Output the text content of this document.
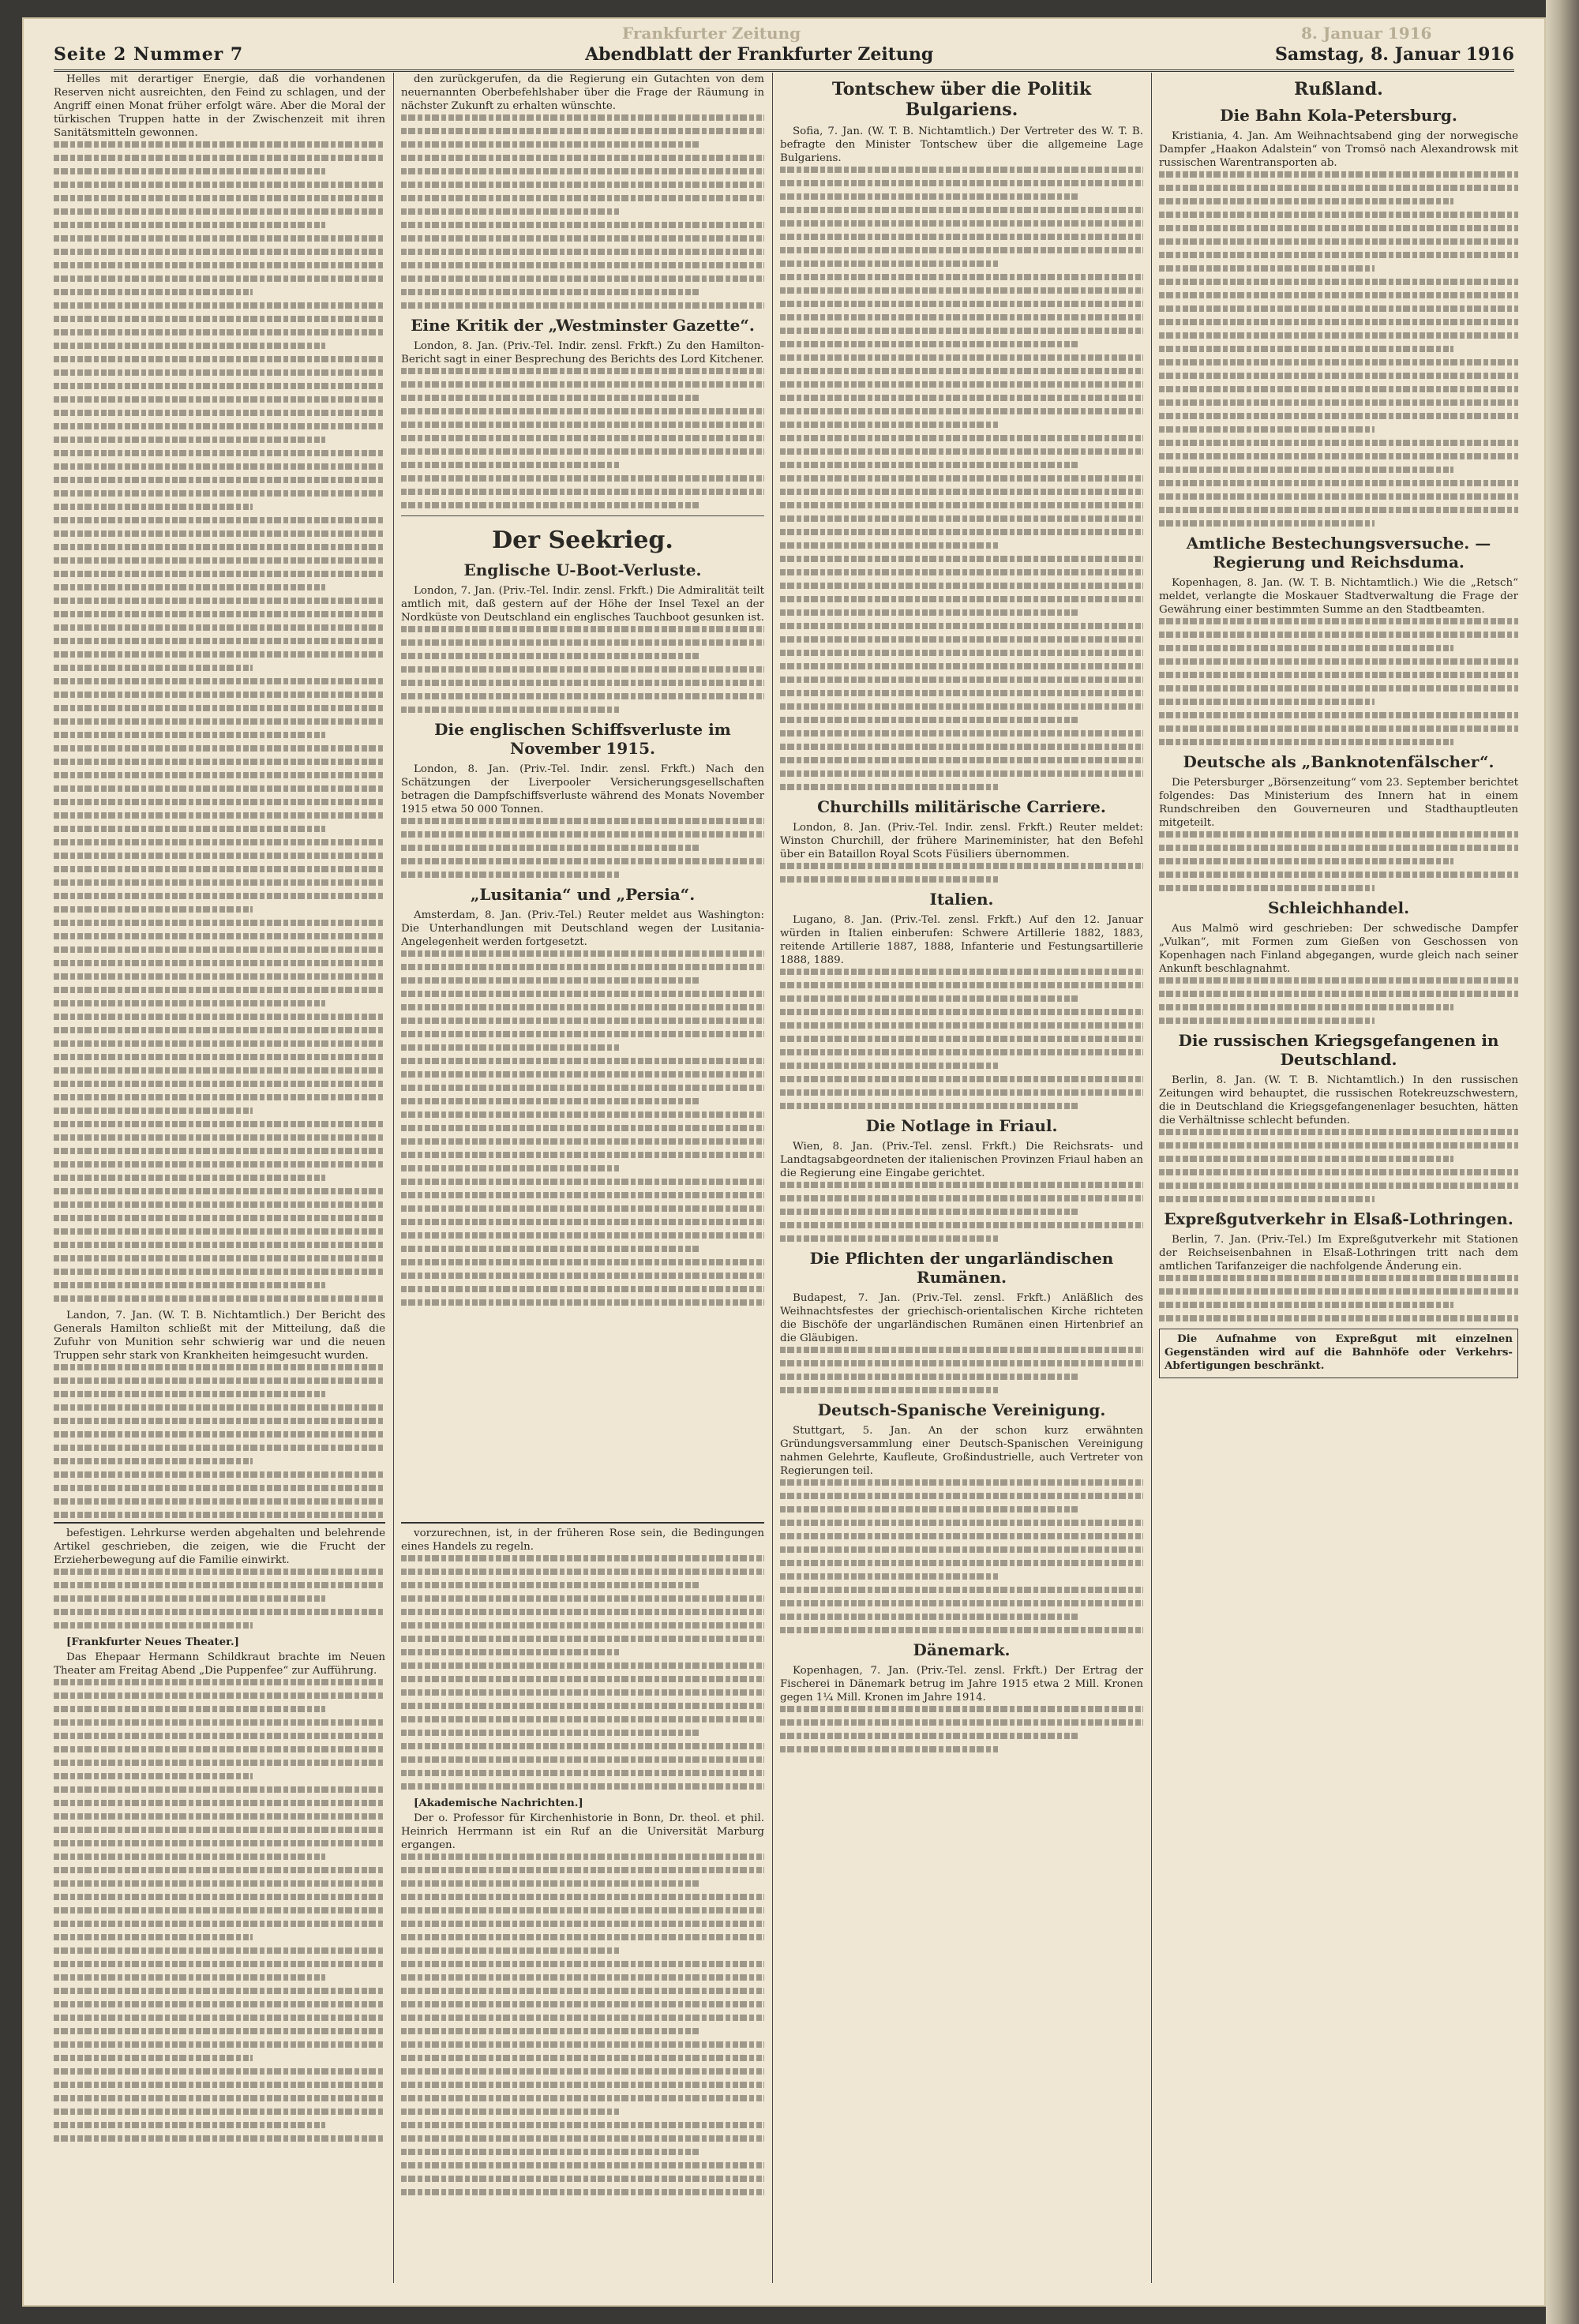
Frankfurter Zeitung	8. Januar 1916
Seite 2 Nummer 7	Abendblatt der Frankfurter Zeitung	Samstag, 8. Januar 1916

Helles mit derartiger Energie, daß die vorhandenen Reserven nicht ausreichten, den Feind zu schlagen, und der Angriff einen Monat früher erfolgt wäre. Aber die Moral der türkischen Truppen hatte in der Zwischenzeit mit ihren Sanitätsmitteln gewonnen.

Landon, 7. Jan. (W. T. B. Nichtamtlich.) Der Bericht des Generals Hamilton schließt mit der Mitteilung, daß die Zufuhr von Munition sehr schwierig war und die neuen Truppen sehr stark von Krankheiten heimgesucht wurden.

den zurückgerufen, da die Regierung ein Gutachten von dem neuernannten Oberbefehlshaber über die Frage der Räumung in nächster Zukunft zu erhalten wünschte.

Eine Kritik der „Westminster Gazette“.

London, 8. Jan. (Priv.-Tel. Indir. zensl. Frkft.) Zu den Hamilton-Bericht sagt in einer Besprechung des Berichts des Lord Kitchener.

Der Seekrieg.
Englische U-Boot-Verluste.

London, 7. Jan. (Priv.-Tel. Indir. zensl. Frkft.) Die Admiralität teilt amtlich mit, daß gestern auf der Höhe der Insel Texel an der Nordküste von Deutschland ein englisches Tauchboot gesunken ist.

Die englischen Schiffsverluste im November 1915.

London, 8. Jan. (Priv.-Tel. Indir. zensl. Frkft.) Nach den Schätzungen der Liverpooler Versicherungsgesellschaften betragen die Dampfschiffsverluste während des Monats November 1915 etwa 50 000 Tonnen.

„Lusitania“ und „Persia“.

Amsterdam, 8. Jan. (Priv.-Tel.) Reuter meldet aus Washington: Die Unterhandlungen mit Deutschland wegen der Lusitania-Angelegenheit werden fortgesetzt.

Tontschew über die Politik Bulgariens.

Sofia, 7. Jan. (W. T. B. Nichtamtlich.) Der Vertreter des W. T. B. befragte den Minister Tontschew über die allgemeine Lage Bulgariens.

Churchills militärische Carriere.

London, 8. Jan. (Priv.-Tel. Indir. zensl. Frkft.) Reuter meldet: Winston Churchill, der frühere Marineminister, hat den Befehl über ein Bataillon Royal Scots Füsiliers übernommen.

Italien.

Lugano, 8. Jan. (Priv.-Tel. zensl. Frkft.) Auf den 12. Januar würden in Italien einberufen: Schwere Artillerie 1882, 1883, reitende Artillerie 1887, 1888, Infanterie und Festungsartillerie 1888, 1889.

Die Notlage in Friaul.

Wien, 8. Jan. (Priv.-Tel. zensl. Frkft.) Die Reichsrats- und Landtagsabgeordneten der italienischen Provinzen Friaul haben an die Regierung eine Eingabe gerichtet.

Die Pflichten der ungarländischen Rumänen.

Budapest, 7. Jan. (Priv.-Tel. zensl. Frkft.) Anläßlich des Weihnachtsfestes der griechisch-orientalischen Kirche richteten die Bischöfe der ungarländischen Rumänen einen Hirtenbrief an die Gläubigen.

Deutsch-Spanische Vereinigung.

Stuttgart, 5. Jan. An der schon kurz erwähnten Gründungsversammlung einer Deutsch-Spanischen Vereinigung nahmen Gelehrte, Kaufleute, Großindustrielle, auch Vertreter von Regierungen teil.

Dänemark.

Kopenhagen, 7. Jan. (Priv.-Tel. zensl. Frkft.) Der Ertrag der Fischerei in Dänemark betrug im Jahre 1915 etwa 2 Mill. Kronen gegen 1¼ Mill. Kronen im Jahre 1914.

Rußland.
Die Bahn Kola-Petersburg.

Kristiania, 4. Jan. Am Weihnachtsabend ging der norwegische Dampfer „Haakon Adalstein“ von Tromsö nach Alexandrowsk mit russischen Warentransporten ab.

Amtliche Bestechungsversuche. — Regierung und Reichsduma.

Kopenhagen, 8. Jan. (W. T. B. Nichtamtlich.) Wie die „Retsch“ meldet, verlangte die Moskauer Stadtverwaltung die Frage der Gewährung einer bestimmten Summe an den Stadtbeamten.

Deutsche als „Banknotenfälscher“.

Die Petersburger „Börsenzeitung“ vom 23. September berichtet folgendes: Das Ministerium des Innern hat in einem Rundschreiben den Gouverneuren und Stadthauptleuten mitgeteilt.

Schleichhandel.

Aus Malmö wird geschrieben: Der schwedische Dampfer „Vulkan“, mit Formen zum Gießen von Geschossen von Kopenhagen nach Finland abgegangen, wurde gleich nach seiner Ankunft beschlagnahmt.

Die russischen Kriegsgefangenen in Deutschland.

Berlin, 8. Jan. (W. T. B. Nichtamtlich.) In den russischen Zeitungen wird behauptet, die russischen Rotekreuzschwestern, die in Deutschland die Kriegsgefangenenlager besuchten, hätten die Verhältnisse schlecht befunden.

Expreßgutverkehr in Elsaß-Lothringen.

Berlin, 7. Jan. (Priv.-Tel.) Im Expreßgutverkehr mit Stationen der Reichseisenbahnen in Elsaß-Lothringen tritt nach dem amtlichen Tarifanzeiger die nachfolgende Änderung ein.

Die Aufnahme von Expreßgut mit einzelnen Gegenständen wird auf die Bahnhöfe oder Verkehrs-Abfertigungen beschränkt.

befestigen. Lehrkurse werden abgehalten und belehrende Artikel geschrieben, die zeigen, wie die Frucht der Erzieherbewegung auf die Familie einwirkt.

[Frankfurter Neues Theater.]

Das Ehepaar Hermann Schildkraut brachte im Neuen Theater am Freitag Abend „Die Puppenfee“ zur Aufführung.

vorzurechnen, ist, in der früheren Rose sein, die Bedingungen eines Handels zu regeln.

[Akademische Nachrichten.]

Der o. Professor für Kirchenhistorie in Bonn, Dr. theol. et phil. Heinrich Herrmann ist ein Ruf an die Universität Marburg ergangen.
